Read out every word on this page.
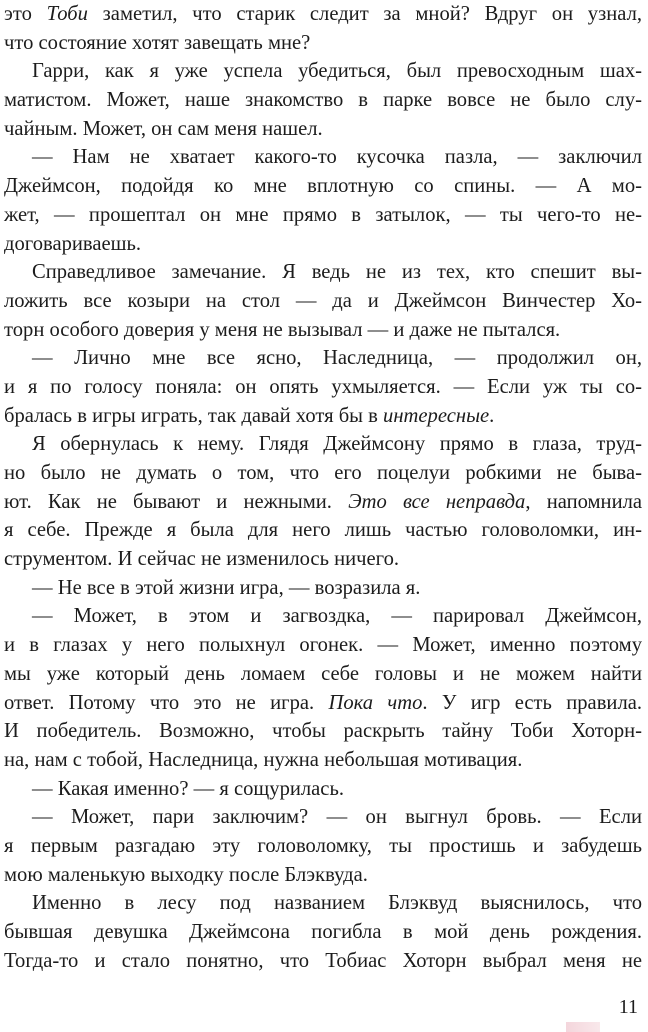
это Тоби заметил, что старик следит за мной? Вдруг он узнал,
что состояние хотят завещать мне?
Гарри, как я уже успела убедиться, был превосходным шах-
матистом. Может, наше знакомство в парке вовсе не было слу-
чайным. Может, он сам меня нашел.
— Нам не хватает какого-то кусочка пазла, — заключил
Джеймсон, подойдя ко мне вплотную со спины. — А мо-
жет, — прошептал он мне прямо в затылок, — ты чего-то не-
договариваешь.
Справедливое замечание. Я ведь не из тех, кто спешит вы-
ложить все козыри на стол — да и Джеймсон Винчестер Хо-
торн особого доверия у меня не вызывал — и даже не пытался.
— Лично мне все ясно, Наследница, — продолжил он,
и я по голосу поняла: он опять ухмыляется. — Если уж ты со-
бралась в игры играть, так давай хотя бы в интересные.
Я обернулась к нему. Глядя Джеймсону прямо в глаза, труд-
но было не думать о том, что его поцелуи робкими не быва-
ют. Как не бывают и нежными. Это все неправда, напомнила
я себе. Прежде я была для него лишь частью головоломки, ин-
струментом. И сейчас не изменилось ничего.
— Не все в этой жизни игра, — возразила я.
— Может, в этом и загвоздка, — парировал Джеймсон,
и в глазах у него полыхнул огонек. — Может, именно поэтому
мы уже который день ломаем себе головы и не можем найти
ответ. Потому что это не игра. Пока что. У игр есть правила.
И победитель. Возможно, чтобы раскрыть тайну Тоби Хоторн-
на, нам с тобой, Наследница, нужна небольшая мотивация.
— Какая именно? — я сощурилась.
— Может, пари заключим? — он выгнул бровь. — Если
я первым разгадаю эту головоломку, ты простишь и забудешь
мою маленькую выходку после Блэквуда.
Именно в лесу под названием Блэквуд выяснилось, что
бывшая девушка Джеймсона погибла в мой день рождения.
Тогда-то и стало понятно, что Тобиас Хоторн выбрал меня не
11
